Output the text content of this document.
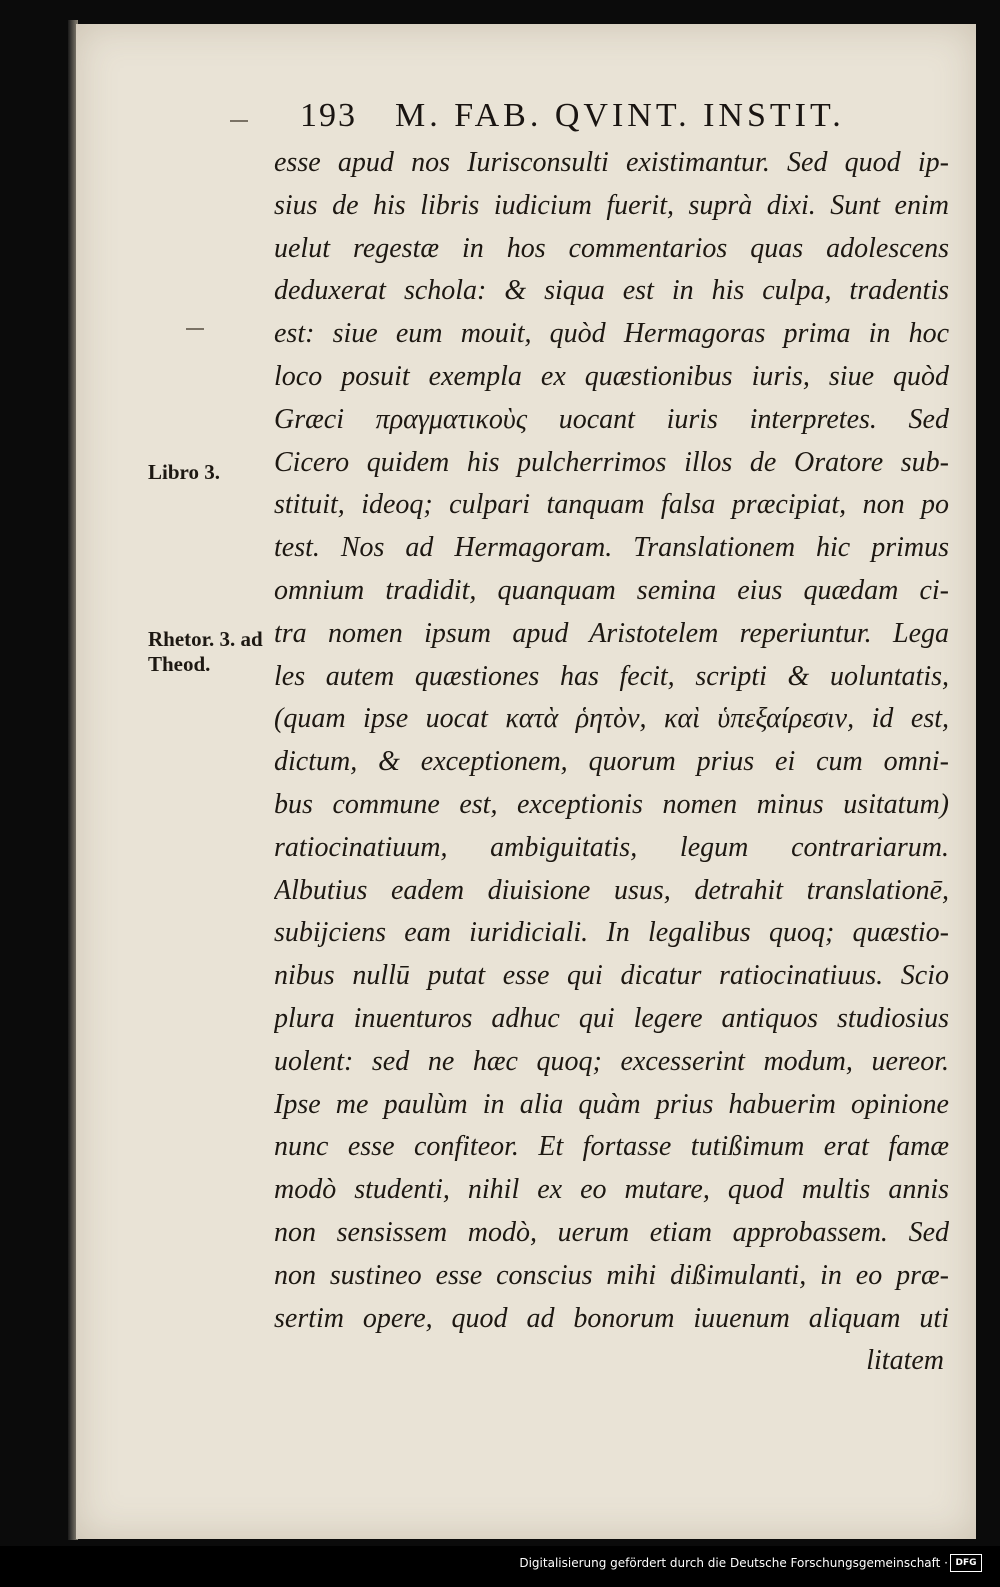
193 M. FAB. QVINT. INSTIT.
Libro 3.
Rhetor. 3. ad Theod.
esse apud nos Iurisconsulti existimantur. Sed quod ip-
sius de his libris iudicium fuerit, suprà dixi. Sunt enim
uelut regestæ in hos commentarios quas adolescens
deduxerat schola: & siqua est in his culpa, tradentis
est: siue eum mouit, quòd Hermagoras prima in hoc
loco posuit exempla ex quæstionibus iuris, siue quòd
Græci πραγματικοὺς uocant iuris interpretes. Sed
Cicero quidem his pulcherrimos illos de Oratore sub-
stituit, ideoq; culpari tanquam falsa præcipiat, non po
test. Nos ad Hermagoram. Translationem hic primus
omnium tradidit, quanquam semina eius quædam ci-
tra nomen ipsum apud Aristotelem reperiuntur. Lega
les autem quæstiones has fecit, scripti & uoluntatis,
(quam ipse uocat κατὰ ῥητὸν, καὶ ὑπεξαίρεσιν, id est,
dictum, & exceptionem, quorum prius ei cum omni-
bus commune est, exceptionis nomen minus usitatum)
ratiocinatiuum, ambiguitatis, legum contrariarum.
Albutius eadem diuisione usus, detrahit translationē,
subijciens eam iuridiciali. In legalibus quoq; quæstio-
nibus nullū putat esse qui dicatur ratiocinatiuus. Scio
plura inuenturos adhuc qui legere antiquos studiosius
uolent: sed ne hæc quoq; excesserint modum, uereor.
Ipse me paulùm in alia quàm prius habuerim opinione
nunc esse confiteor. Et fortasse tutißimum erat famæ
modò studenti, nihil ex eo mutare, quod multis annis
non sensissem modò, uerum etiam approbassem. Sed
non sustineo esse conscius mihi dißimulanti, in eo præ-
sertim opere, quod ad bonorum iuuenum aliquam uti
litatem
Digitalisierung gefördert durch die Deutsche Forschungsgemeinschaft · DFG
